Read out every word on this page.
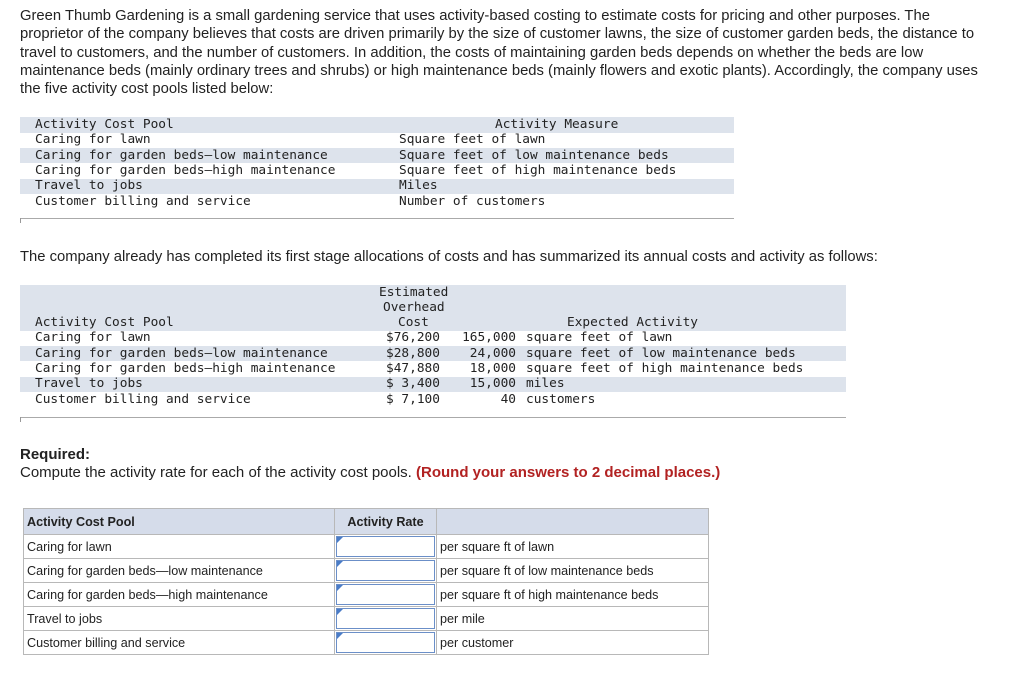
Green Thumb Gardening is a small gardening service that uses activity-based costing to estimate costs for pricing and other purposes. The proprietor of the company believes that costs are driven primarily by the size of customer lawns, the size of customer garden beds, the distance to travel to customers, and the number of customers. In addition, the costs of maintaining garden beds depends on whether the beds are low maintenance beds (mainly ordinary trees and shrubs) or high maintenance beds (mainly flowers and exotic plants). Accordingly, the company uses the five activity cost pools listed below:

Activity Cost Pool	Activity Measure
Caring for lawn	Square feet of lawn
Caring for garden beds–low maintenance	Square feet of low maintenance beds
Caring for garden beds–high maintenance	Square feet of high maintenance beds
Travel to jobs	Miles
Customer billing and service	Number of customers

The company already has completed its first stage allocations of costs and has summarized its annual costs and activity as follows:

Estimated
Overhead
Cost
Activity Cost Pool	Expected Activity
Caring for lawn	$76,200 165,000 square feet of lawn
Caring for garden beds–low maintenance	$28,800	24,000 square feet of low maintenance beds
Caring for garden beds–high maintenance	$47,880	18,000 square feet of high maintenance beds
Travel to jobs	$ 3,400	15,000 miles
Customer billing and service	$ 7,100	40 customers
Required:
Compute the activity rate for each of the activity cost pools. (Round your answers to 2 decimal places.)
Activity Cost Pool	Activity Rate	
Caring for lawn		per square ft of lawn
Caring for garden beds—low maintenance		per square ft of low maintenance beds
Caring for garden beds—high maintenance		per square ft of high maintenance beds
Travel to jobs		per mile
Customer billing and service		per customer
